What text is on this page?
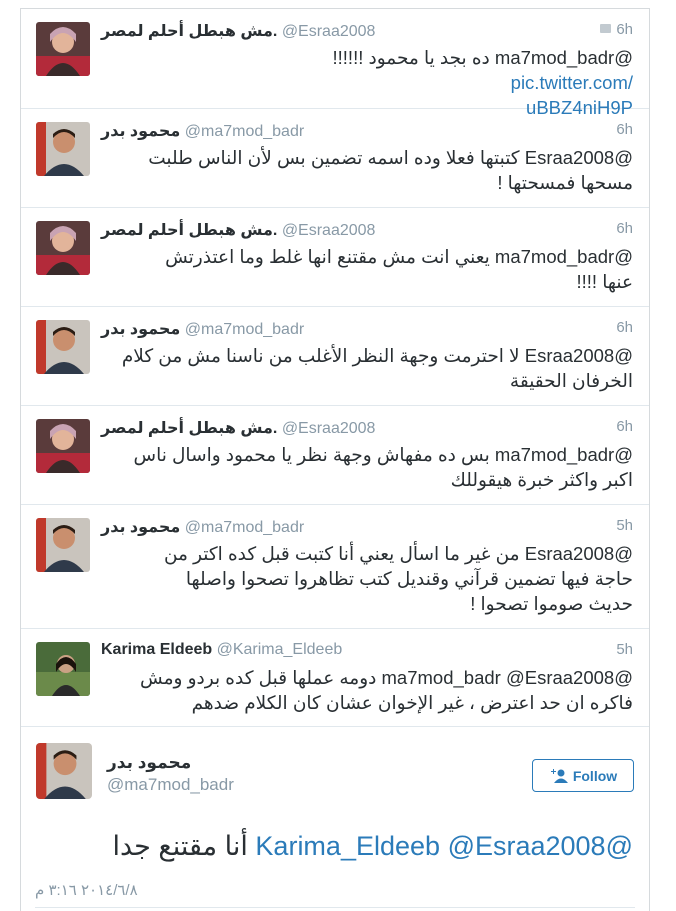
مش هبطل أحلم لمصر. @Esraa2008	6h
@ma7mod_badr ده بجد يا محمود !!!!!!
pic.twitter.com/
uBBZ4niH9P
محمود بدر @ma7mod_badr	6h
@Esraa2008 كتبتها فعلا وده اسمه تضمين بس لأن الناس طلبت
مسحها فمسحتها !
مش هبطل أحلم لمصر. @Esraa2008	6h
@ma7mod_badr يعني انت مش مقتنع انها غلط وما اعتذرتش
عنها !!!!
محمود بدر @ma7mod_badr	6h
@Esraa2008 لا احترمت وجهة النظر الأغلب من ناسنا مش من كلام
الخرفان الحقيقة
مش هبطل أحلم لمصر. @Esraa2008	6h
@ma7mod_badr بس ده مفهاش وجهة نظر يا محمود واسال ناس
اكبر واكثر خبرة هيقوللك
محمود بدر @ma7mod_badr	5h
@Esraa2008 من غير ما اسأل يعني أنا كتبت قبل كده اكتر من
حاجة فيها تضمين قرآني وقنديل كتب تظاهروا تصحوا واصلها
حديث صوموا تصحوا !
Karima Eldeeb @Karima_Eldeeb	5h
@ma7mod_badr @Esraa2008 دومه عملها قبل كده بردو ومش
فاكره ان حد اعترض ، غير الإخوان عشان كان الكلام ضدهم
محمود بدر
@ma7mod_badr	Follow
@Karima_Eldeeb @Esraa2008 أنا مقتنع جدا
٢٠١٤/٦/٨ ٣:١٦ م
